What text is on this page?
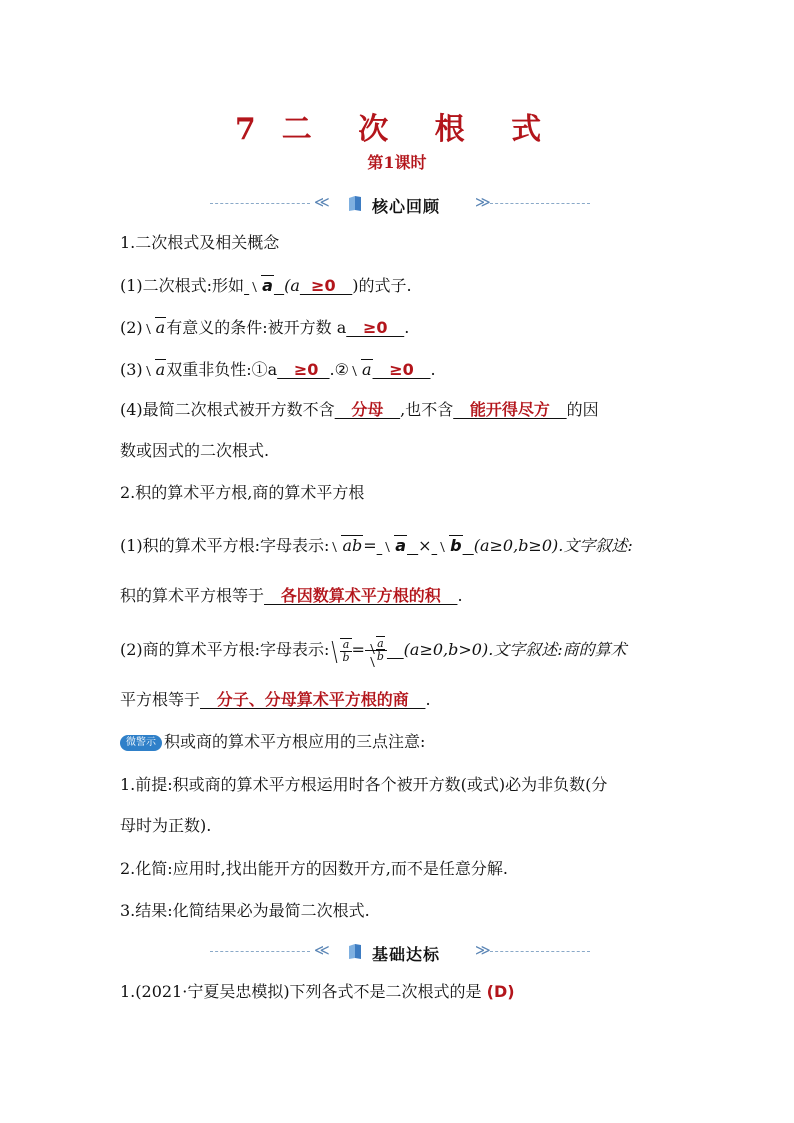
7 二 次 根 式
第1课时
≪	核心回顾 ≫
1.二次根式及相关概念
(1)二次根式:形如 a (a  ≥0   )的式子.
(2) a有意义的条件:被开方数 a   ≥0   .
(3) a双重非负性:①a   ≥0  .② a   ≥0   .
(4)最简二次根式被开方数不含   分母   ,也不含   能开得尽方   的因
数或因式的二次根式.
2.积的算术平方根,商的算术平方根
(1)积的算术平方根:字母表示: ab= a × b (a≥0,b≥0).文字叙述:
积的算术平方根等于   各因数算术平方根的积   .
(2)商的算术平方根:字母表示: $\frac{a}{b} = \frac{a}{b} (a\ge 0,b>0)$.文字叙述:商的算术
平方根等于   分子、分母算术平方根的商   .
微警示 积或商的算术平方根应用的三点注意:
1.前提:积或商的算术平方根运用时各个被开方数(或式)必为非负数(分
母时为正数).
2.化简:应用时,找出能开方的因数开方,而不是任意分解.
3.结果:化简结果必为最简二次根式.
≪	基础达标 ≫
1.(2021·宁夏吴忠模拟)下列各式不是二次根式的是 (D)
